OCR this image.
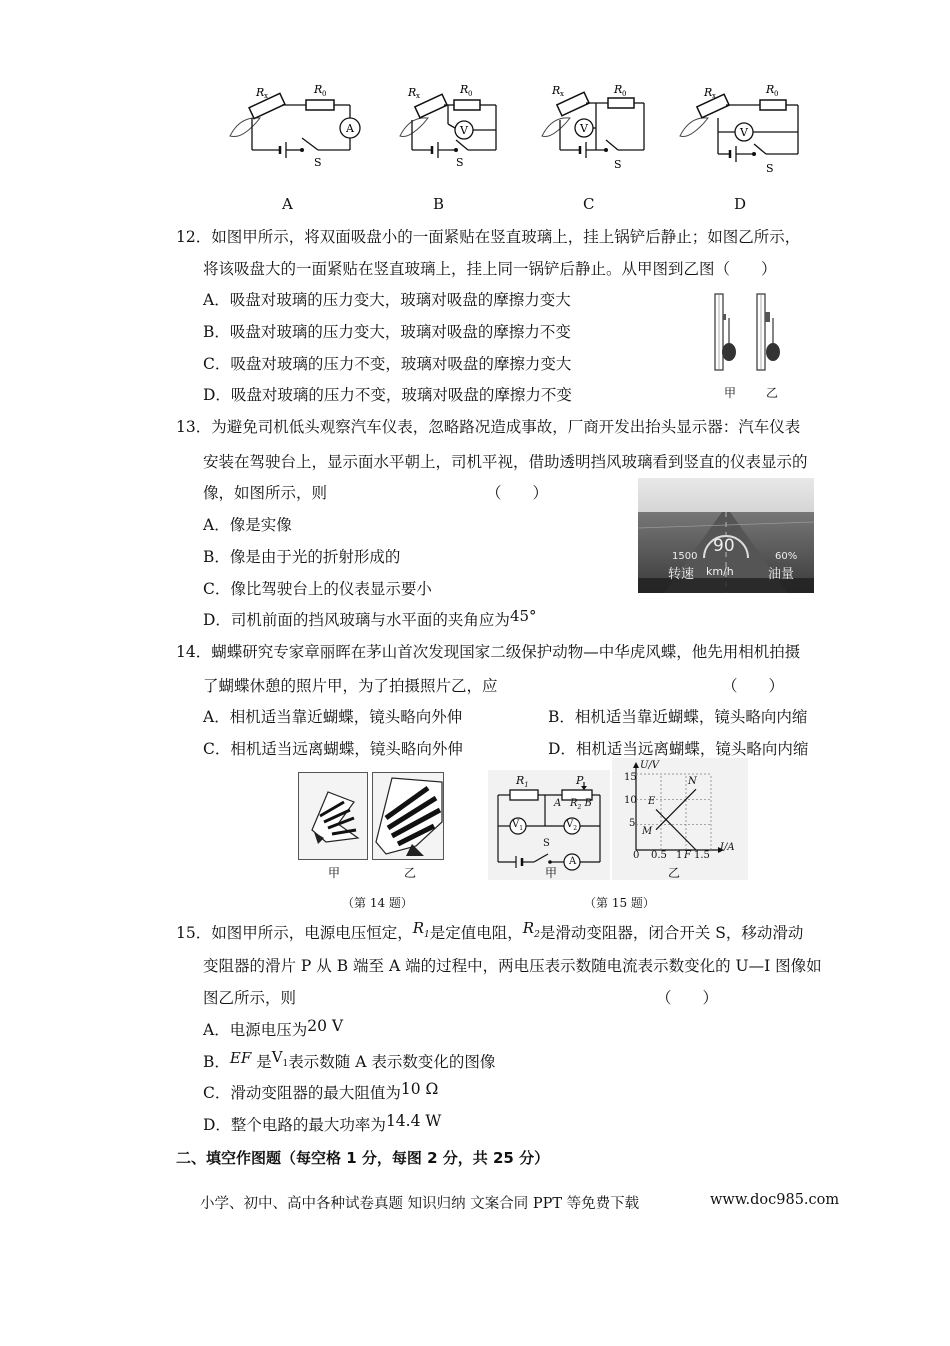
R x	R 0
A
S
R x	R 0
V
S
R x	R 0
V
S
R x	R 0
V
S
A	B	C	D
12．如图甲所示，将双面吸盘小的一面紧贴在竖直玻璃上，挂上锅铲后静止；如图乙所示，
将该吸盘大的一面紧贴在竖直玻璃上，挂上同一锅铲后静止。从甲图到乙图（　　）
A．吸盘对玻璃的压力变大，玻璃对吸盘的摩擦力变大
B．吸盘对玻璃的压力变大，玻璃对吸盘的摩擦力不变
C．吸盘对玻璃的压力不变，玻璃对吸盘的摩擦力变大
D．吸盘对玻璃的压力不变，玻璃对吸盘的摩擦力不变	甲 乙
13．为避免司机低头观察汽车仪表，忽略路况造成事故，厂商开发出抬头显示器：汽车仪表
安装在驾驶台上，显示面水平朝上，司机平视，借助透明挡风玻璃看到竖直的仪表显示的
像，如图所示，则	（　　）
A．像是实像
B．像是由于光的折射形成的
C．像比驾驶台上的仪表显示要小
D．司机前面的挡风玻璃与水平面的夹角应为45°
90
1500	60%
转速 km/h	油量
14．蝴蝶研究专家章丽晖在茅山首次发现国家二级保护动物—中华虎风蝶，他先用相机拍摄
了蝴蝶休憩的照片甲，为了拍摄照片乙，应	（　　）
A．相机适当靠近蝴蝶，镜头略向外伸	B．相机适当靠近蝴蝶，镜头略向内缩
C．相机适当远离蝴蝶，镜头略向外伸	D．相机适当远离蝴蝶，镜头略向内缩
甲	乙
（第 14 题）
$R_1$	P
A $R_2$ B
$V_1$	$V_2$
S
A
甲
U/V
I/A
15
10
5
0 0.5 1 F 1.5
N
E
M
乙
（第 15 题）
15．如图甲所示，电源电压恒定，$R_1$是定值电阻，$R_2$是滑动变阻器，闭合开关 S，移动滑动
变阻器的滑片 P 从 B 端至 A 端的过程中，两电压表示数随电流表示数变化的 U—I 图像如
图乙所示，则	（　　）
A．电源电压为20 V
B．EF 是$V_1$表示数随 A 表示数变化的图像
C．滑动变阻器的最大阻值为10 Ω
D．整个电路的最大功率为14.4 W
二、填空作图题（每空格 1 分，每图 2 分，共 25 分）
小学、初中、高中各种试卷真题 知识归纳 文案合同 PPT 等免费下载	www.doc985.com
